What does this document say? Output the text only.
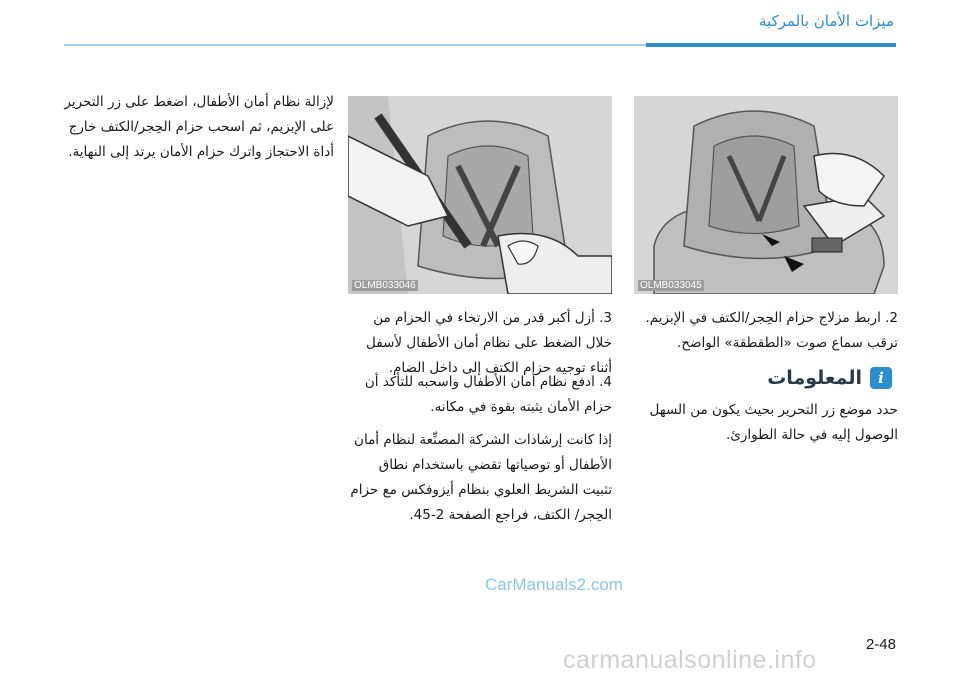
ميزات الأمان بالمركبة

لإزالة نظام أمان الأطفال، اضغط على زر التحرير على الإبزيم، ثم اسحب حزام الحِجر/الكتف خارج أداة الاحتجاز واترك حزام الأمان يرتد إلى النهاية.

OLMB033046	OLMB033045

2. اربط مزلاج حزام الحِجر/الكتف في الإبزيم. ترقب سماع صوت «الطقطقة» الواضح.

i
المعلومات

حدد موضع زر التحرير بحيث يكون من السهل الوصول إليه في حالة الطوارئ.

3. أزل أكبر قدر من الارتخاء في الحزام من خلال الضغط على نظام أمان الأطفال لأسفل أثناء توجيه حزام الكتف إلى داخل الضام.

4. ادفع نظام أمان الأطفال واسحبه للتأكد أن حزام الأمان يثبته بقوة في مكانه.

إذا كانت إرشادات الشركة المصنِّعة لنظام أمان الأطفال أو توصياتها تقضي باستخدام نطاق تثبيت الشريط العلوي بنظام أيزوفكس مع حزام الحِجر/ الكتف، فراجع الصفحة 2-45.

CarManuals2.com
2-48
carmanualsonline.info
